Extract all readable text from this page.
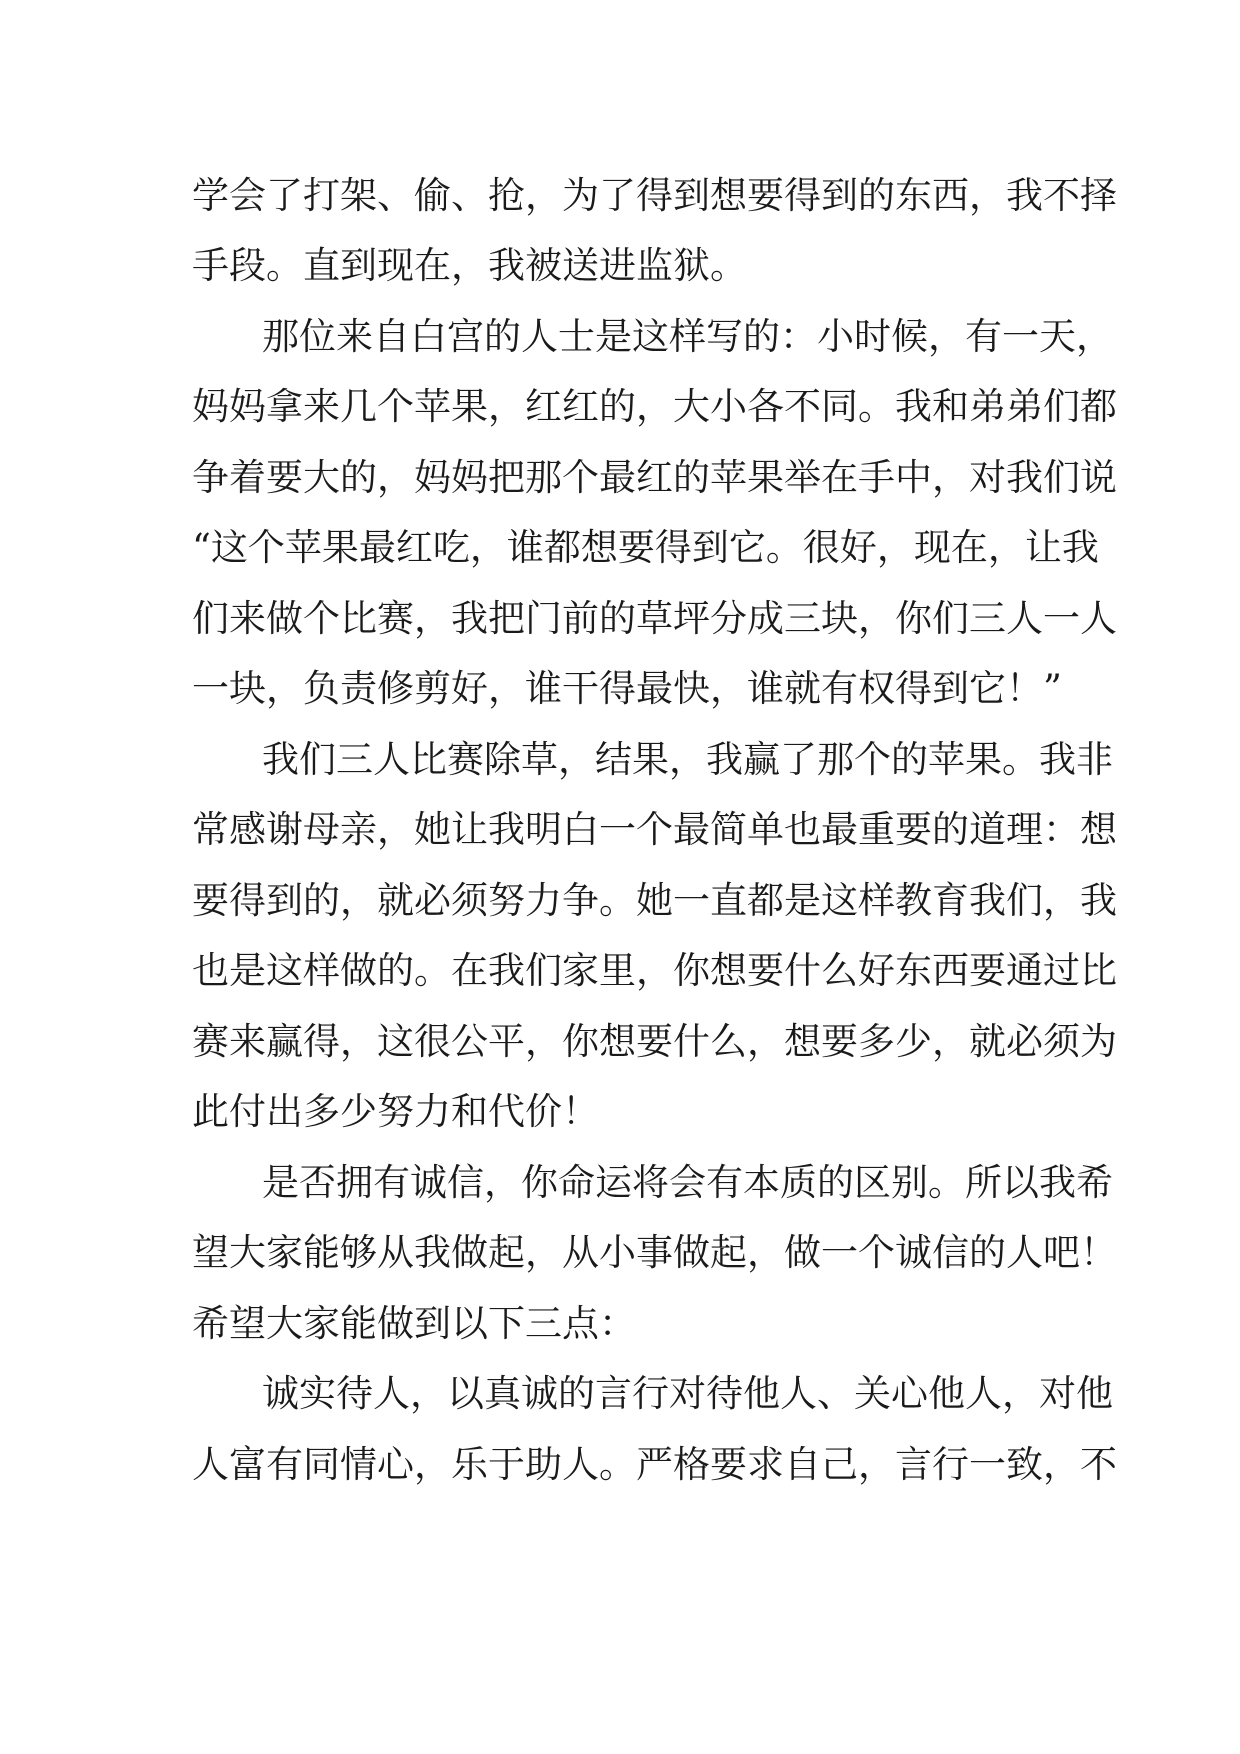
学会了打架、偷、抢，为了得到想要得到的东西，我不择
手段。直到现在，我被送进监狱。
那位来自白宫的人士是这样写的：小时候，有一天，
妈妈拿来几个苹果，红红的，大小各不同。我和弟弟们都
争着要大的，妈妈把那个最红的苹果举在手中，对我们说
“这个苹果最红吃，谁都想要得到它。很好，现在，让我
们来做个比赛，我把门前的草坪分成三块，你们三人一人
一块，负责修剪好，谁干得最快，谁就有权得到它！”
我们三人比赛除草，结果，我赢了那个的苹果。我非
常感谢母亲，她让我明白一个最简单也最重要的道理：想
要得到的，就必须努力争。她一直都是这样教育我们，我
也是这样做的。在我们家里，你想要什么好东西要通过比
赛来赢得，这很公平，你想要什么，想要多少，就必须为
此付出多少努力和代价！
是否拥有诚信，你命运将会有本质的区别。所以我希
望大家能够从我做起，从小事做起，做一个诚信的人吧！
希望大家能做到以下三点：
诚实待人，以真诚的言行对待他人、关心他人，对他
人富有同情心，乐于助人。严格要求自己，言行一致，不
